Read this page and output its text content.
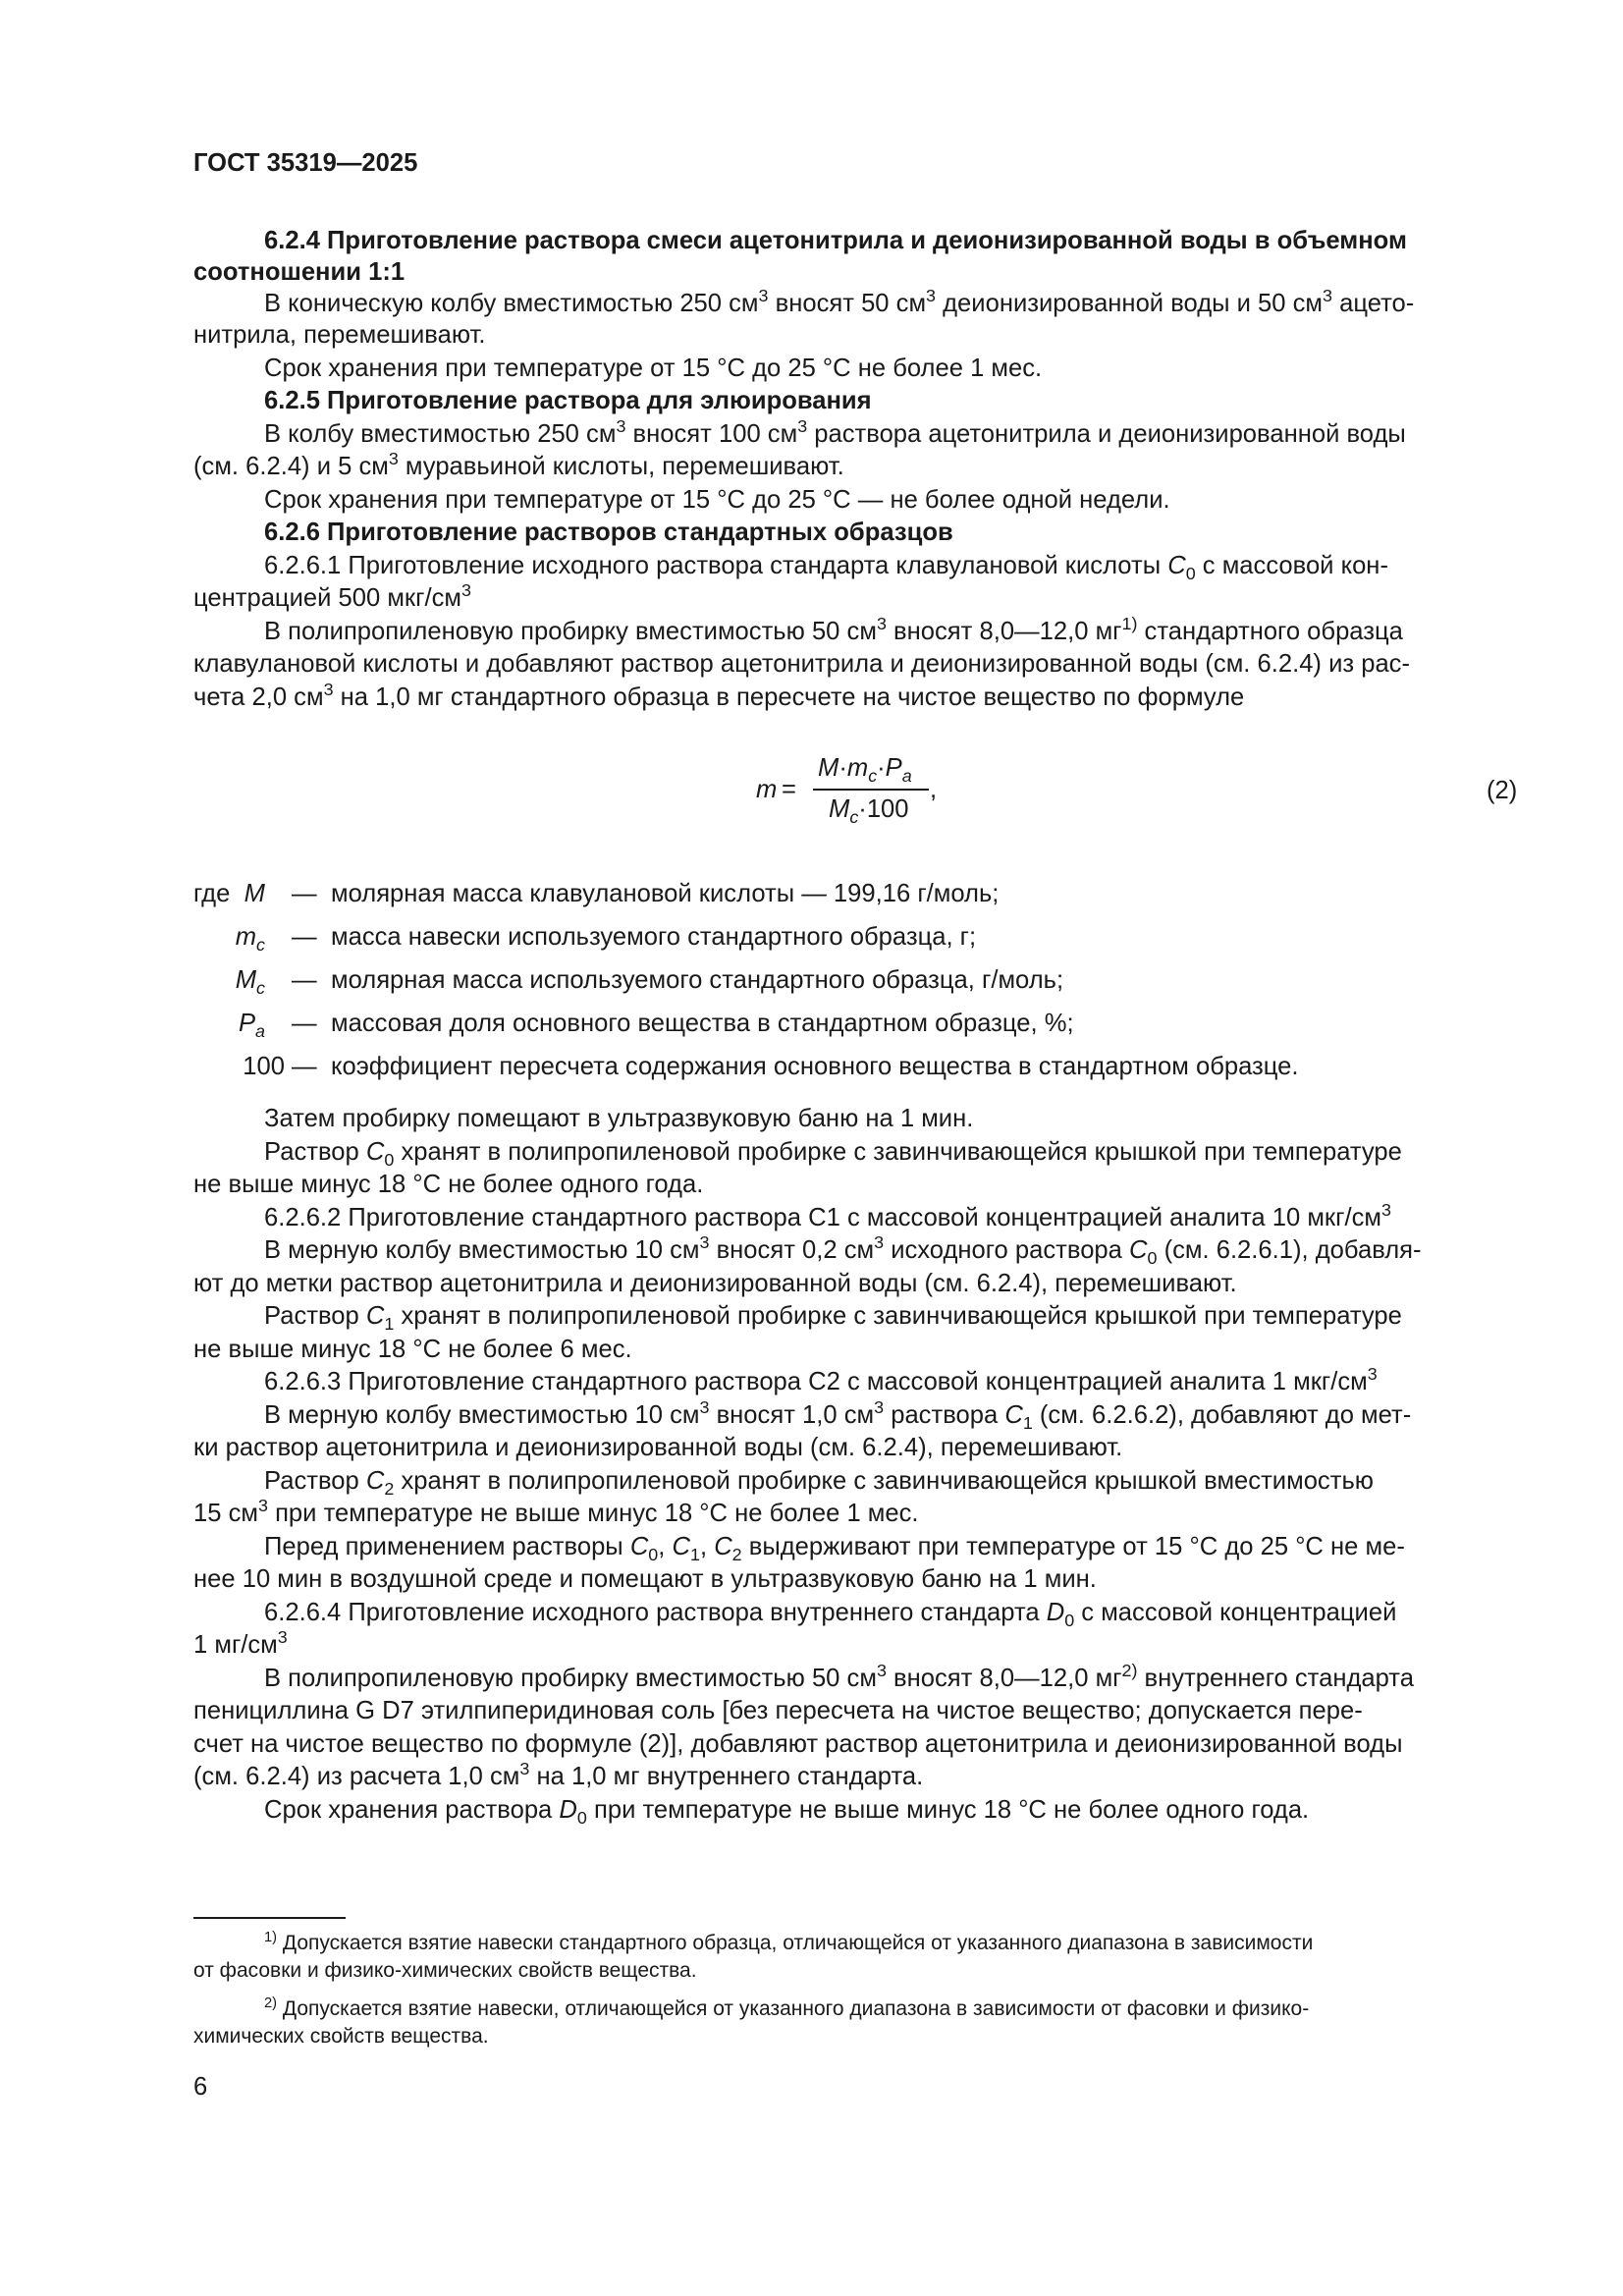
ГОСТ 35319—2025
6.2.4 Приготовление раствора смеси ацетонитрила и деионизированной воды в объемном
соотношении 1:1
В коническую колбу вместимостью 250 $см^3$ вносят 50 $см^3$ деионизированной воды и 50 $см^3$ ацето-
нитрила, перемешивают.
Срок хранения при температуре от 15 °С до 25 °С не более 1 мес.
6.2.5 Приготовление раствора для элюирования
В колбу вместимостью 250 $см^3$ вносят 100 $см^3$ раствора ацетонитрила и деионизированной воды
(см. 6.2.4) и 5 $см^3$ муравьиной кислоты, перемешивают.
Срок хранения при температуре от 15 °С до 25 °С — не более одной недели.
6.2.6 Приготовление растворов стандартных образцов
6.2.6.1 Приготовление исходного раствора стандарта клавулановой кислоты $C_0$ с массовой кон-
центрацией 500 мкг/$см^3$
В полипропиленовую пробирку вместимостью 50 $см^3$ вносят 8,0—12,0 $мг^{1)}$ стандартного образца
клавулановой кислоты и добавляют раствор ацетонитрила и деионизированной воды (см. 6.2.4) из рас-
чета 2,0 $см^3$ на 1,0 мг стандартного образца в пересчете на чистое вещество по формуле
m =
$M\cdot m_c\cdot P_a$
$M_c\cdot 100$
,	(2)
где M — молярная масса клавулановой кислоты — 199,16 г/моль;
$m_c$ — масса навески используемого стандартного образца, г;
$M_c$ — молярная масса используемого стандартного образца, г/моль;
$P_a$ — массовая доля основного вещества в стандартном образце, %;
100 — коэффициент пересчета содержания основного вещества в стандартном образце.
Затем пробирку помещают в ультразвуковую баню на 1 мин.
Раствор $C_0$ хранят в полипропиленовой пробирке с завинчивающейся крышкой при температуре
не выше минус 18 °С не более одного года.
6.2.6.2 Приготовление стандартного раствора С1 с массовой концентрацией аналита 10 мкг/$см^3$
В мерную колбу вместимостью 10 $см^3$ вносят 0,2 $см^3$ исходного раствора $C_0$ (см. 6.2.6.1), добавля-
ют до метки раствор ацетонитрила и деионизированной воды (см. 6.2.4), перемешивают.
Раствор $C_1$ хранят в полипропиленовой пробирке с завинчивающейся крышкой при температуре
не выше минус 18 °С не более 6 мес.
6.2.6.3 Приготовление стандартного раствора С2 с массовой концентрацией аналита 1 мкг/$см^3$
В мерную колбу вместимостью 10 $см^3$ вносят 1,0 $см^3$ раствора $C_1$ (см. 6.2.6.2), добавляют до мет-
ки раствор ацетонитрила и деионизированной воды (см. 6.2.4), перемешивают.
Раствор $C_2$ хранят в полипропиленовой пробирке с завинчивающейся крышкой вместимостью
15 $см^3$ при температуре не выше минус 18 °С не более 1 мес.
Перед применением растворы $C_0$, $C_1$, $C_2$ выдерживают при температуре от 15 °С до 25 °С не ме-
нее 10 мин в воздушной среде и помещают в ультразвуковую баню на 1 мин.
6.2.6.4 Приготовление исходного раствора внутреннего стандарта $D_0$ с массовой концентрацией
1 $мг/см^3$
В полипропиленовую пробирку вместимостью 50 $см^3$ вносят 8,0—12,0 $мг^{2)}$ внутреннего стандарта
пенициллина G D7 этилпиперидиновая соль [без пересчета на чистое вещество; допускается пере-
счет на чистое вещество по формуле (2)], добавляют раствор ацетонитрила и деионизированной воды
(см. 6.2.4) из расчета 1,0 $см^3$ на 1,0 мг внутреннего стандарта.
Срок хранения раствора $D_0$ при температуре не выше минус 18 °С не более одного года.
$^{1)}$ Допускается взятие навески стандартного образца, отличающейся от указанного диапазона в зависимости
от фасовки и физико-химических свойств вещества.
$^{2)}$ Допускается взятие навески, отличающейся от указанного диапазона в зависимости от фасовки и физико-
химических свойств вещества.
6
